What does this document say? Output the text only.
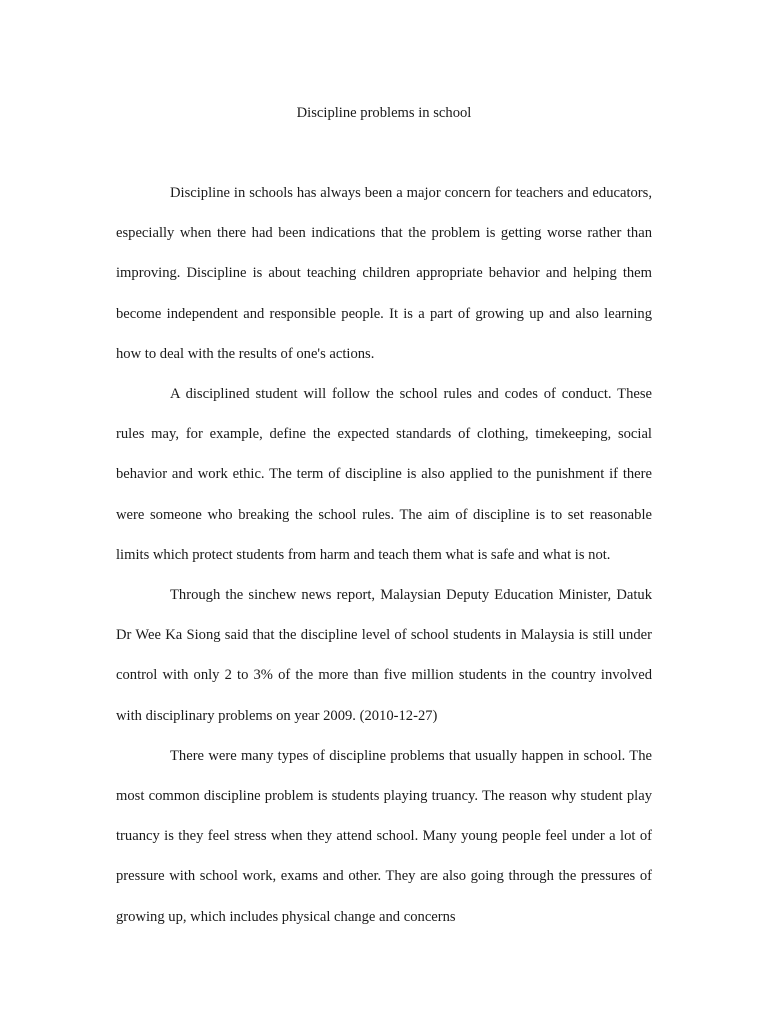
Discipline problems in school

Discipline in schools has always been a major concern for teachers and educators, especially when there had been indications that the problem is getting worse rather than improving. Discipline is about teaching children appropriate behavior and helping them become independent and responsible people. It is a part of growing up and also learning how to deal with the results of one's actions.

A disciplined student will follow the school rules and codes of conduct. These rules may, for example, define the expected standards of clothing, timekeeping, social behavior and work ethic. The term of discipline is also applied to the punishment if there were someone who breaking the school rules. The aim of discipline is to set reasonable limits which protect students from harm and teach them what is safe and what is not.

Through the sinchew news report, Malaysian Deputy Education Minister, Datuk Dr Wee Ka Siong said that the discipline level of school students in Malaysia is still under control with only 2 to 3% of the more than five million students in the country involved with disciplinary problems on year 2009. (2010-12-27)

There were many types of discipline problems that usually happen in school. The most common discipline problem is students playing truancy. The reason why student play truancy is they feel stress when they attend school. Many young people feel under a lot of pressure with school work, exams and other. They are also going through the pressures of growing up, which includes physical change and concerns
